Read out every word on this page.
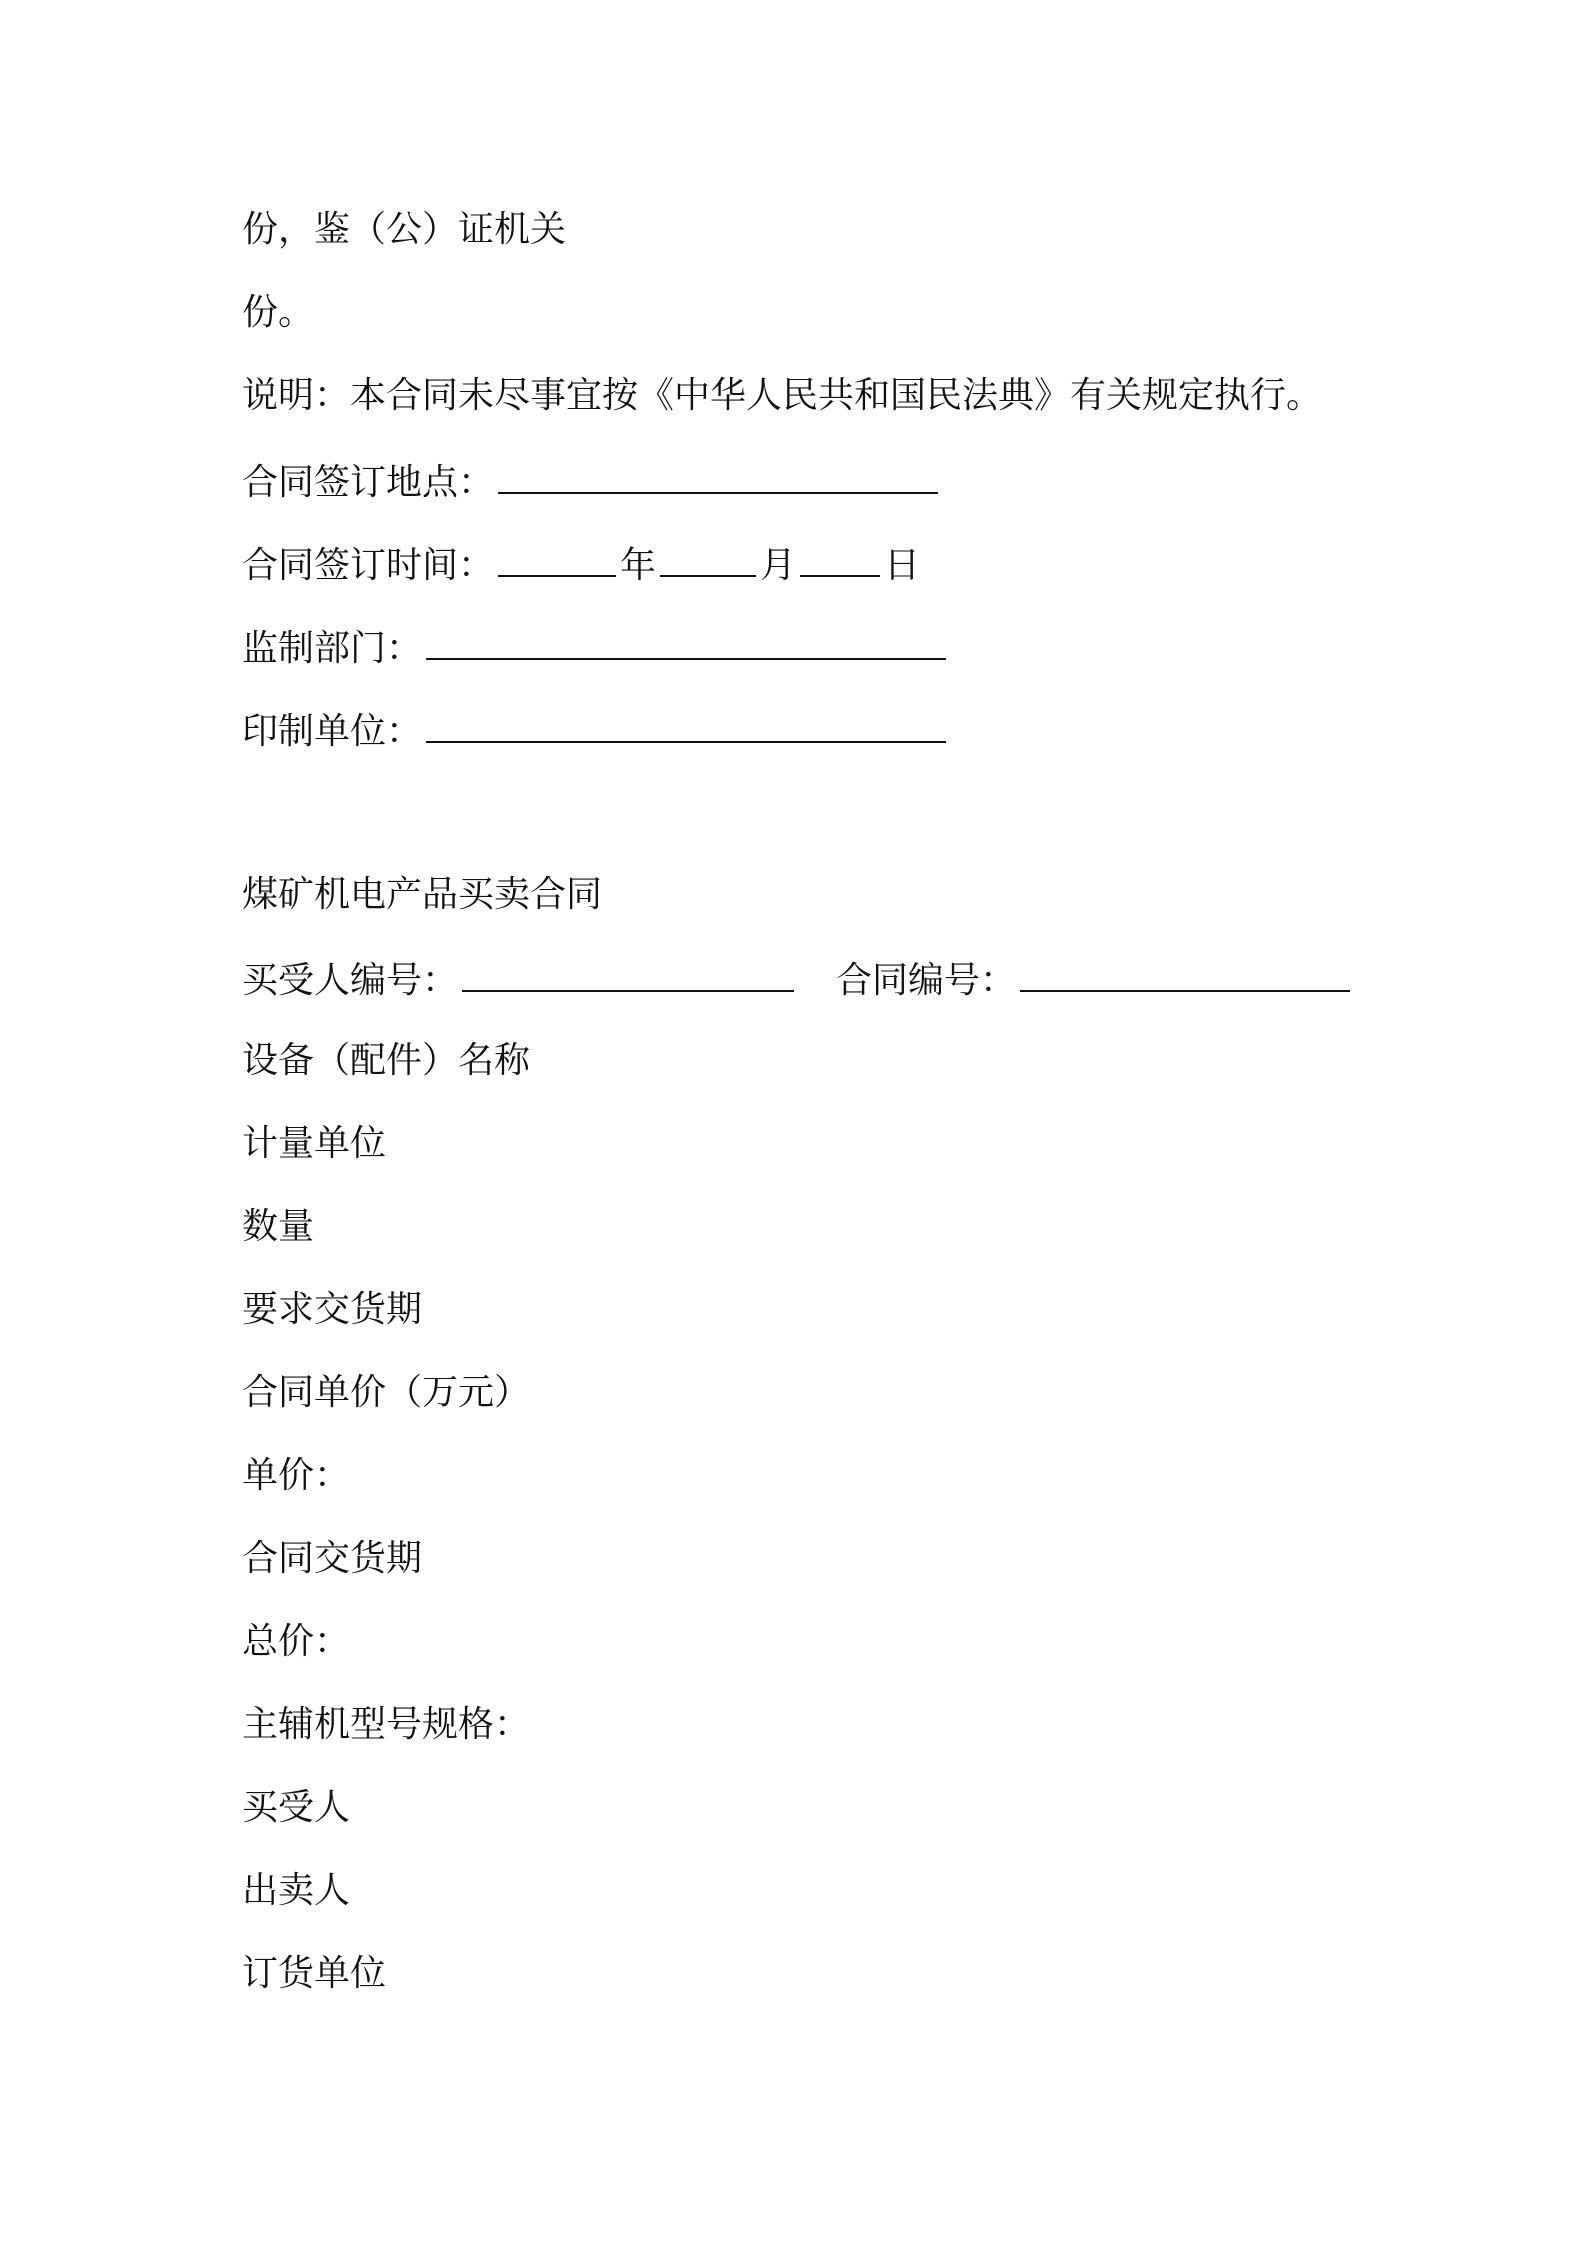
份，鉴（公）证机关
份。
说明：本合同未尽事宜按《中华人民共和国民法典》有关规定执行。
合同签订地点：
合同签订时间：	年	月 日
监制部门：
印制单位：
煤矿机电产品买卖合同
买受人编号：	合同编号：
设备（配件）名称
计量单位
数量
要求交货期
合同单价（万元）
单价：
合同交货期
总价：
主辅机型号规格：
买受人
出卖人
订货单位
